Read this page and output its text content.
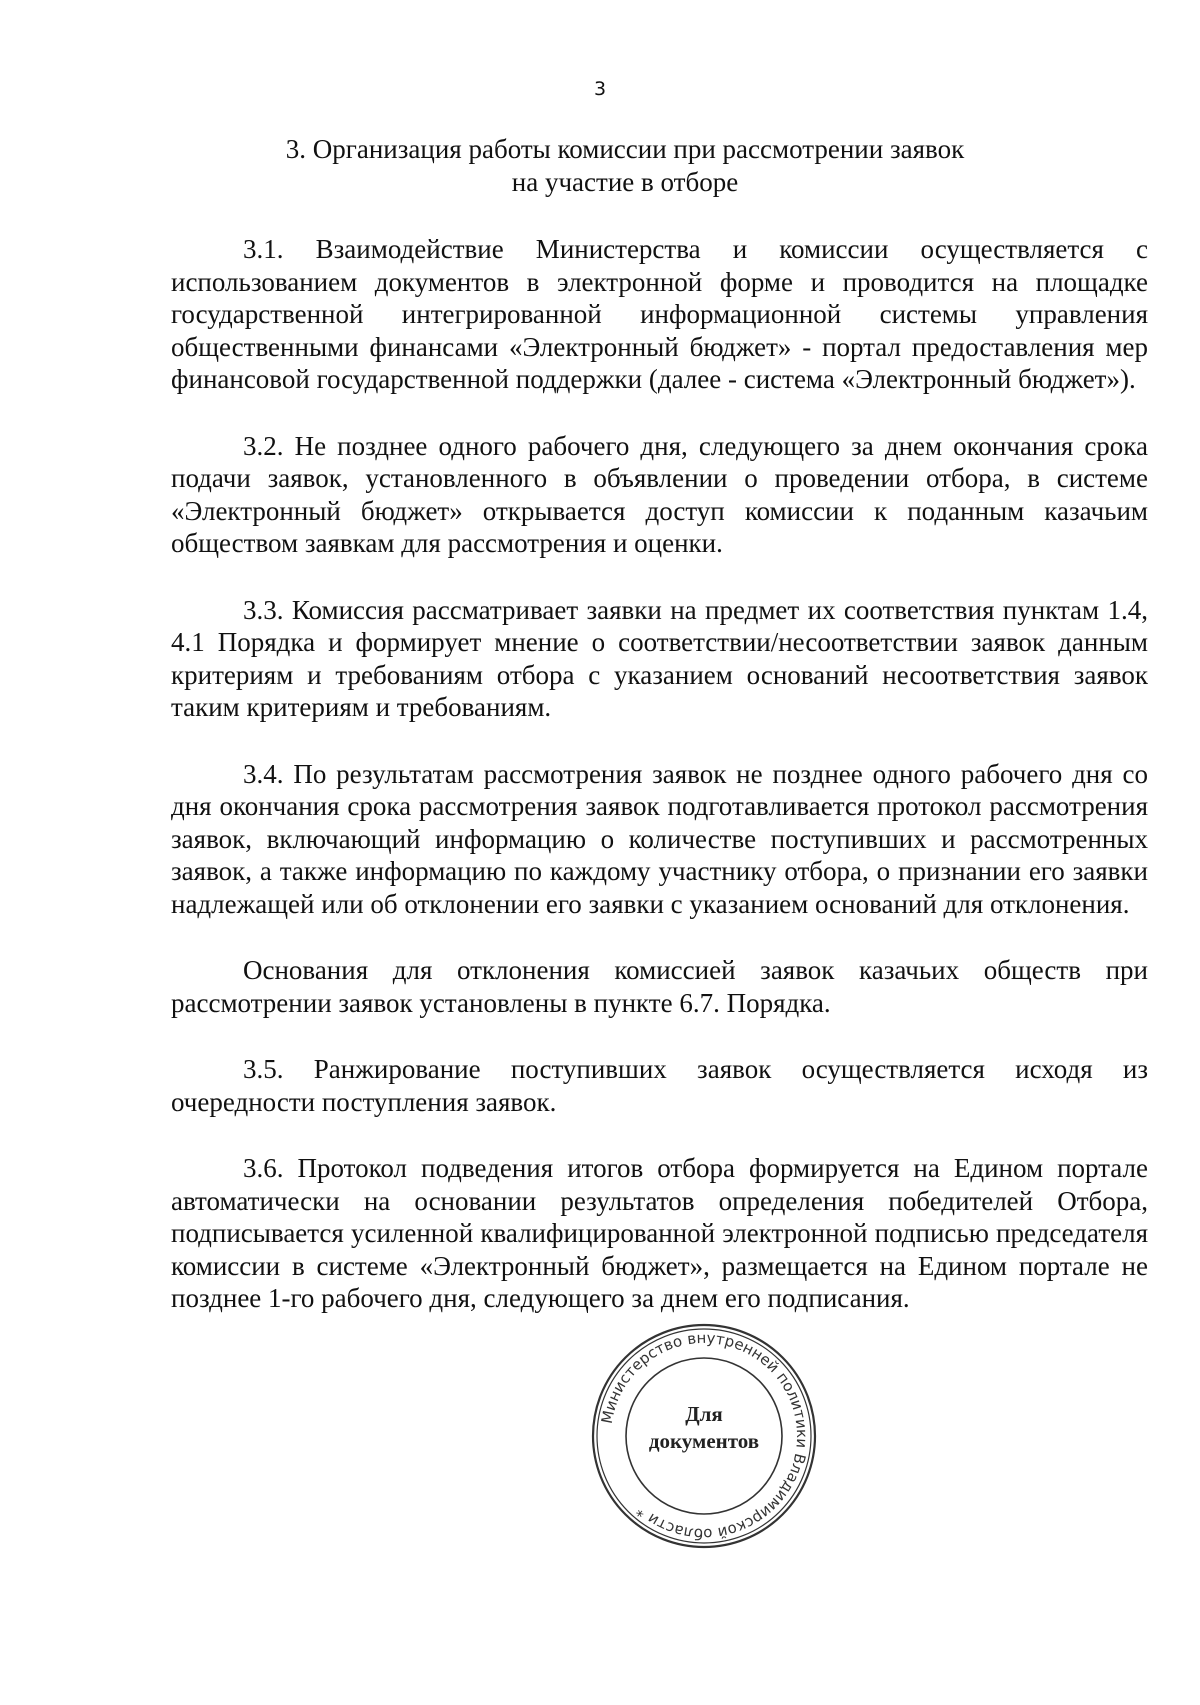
3
3. Организация работы комиссии при рассмотрении заявок
на участие в отборе

3.1. Взаимодействие Министерства и комиссии осуществляется с использованием документов в электронной форме и проводится на площадке государственной интегрированной информационной системы управления общественными финансами «Электронный бюджет» - портал предоставления мер финансовой государственной поддержки (далее - система «Электронный бюджет»).

3.2. Не позднее одного рабочего дня, следующего за днем окончания срока подачи заявок, установленного в объявлении о проведении отбора, в системе «Электронный бюджет» открывается доступ комиссии к поданным казачьим обществом заявкам для рассмотрения и оценки.

3.3. Комиссия рассматривает заявки на предмет их соответствия пунктам 1.4, 4.1 Порядка и формирует мнение о соответствии/несоответствии заявок данным критериям и требованиям отбора с указанием оснований несоответствия заявок таким критериям и требованиям.

3.4. По результатам рассмотрения заявок не позднее одного рабочего дня со дня окончания срока рассмотрения заявок подготавливается протокол рассмотрения заявок, включающий информацию о количестве поступивших и рассмотренных заявок, а также информацию по каждому участнику отбора, о признании его заявки надлежащей или об отклонении его заявки с указанием оснований для отклонения.

Основания для отклонения комиссией заявок казачьих обществ при рассмотрении заявок установлены в пункте 6.7. Порядка.

3.5. Ранжирование поступивших заявок осуществляется исходя из очередности поступления заявок.

3.6. Протокол подведения итогов отбора формируется на Едином портале автоматически на основании результатов определения победителей Отбора, подписывается усиленной квалифицированной электронной подписью председателя комиссии в системе «Электронный бюджет», размещается на Едином портале не позднее 1-го рабочего дня, следующего за днем его подписания.

Министерство внутренней политики Владимирской области *
Для
документов
